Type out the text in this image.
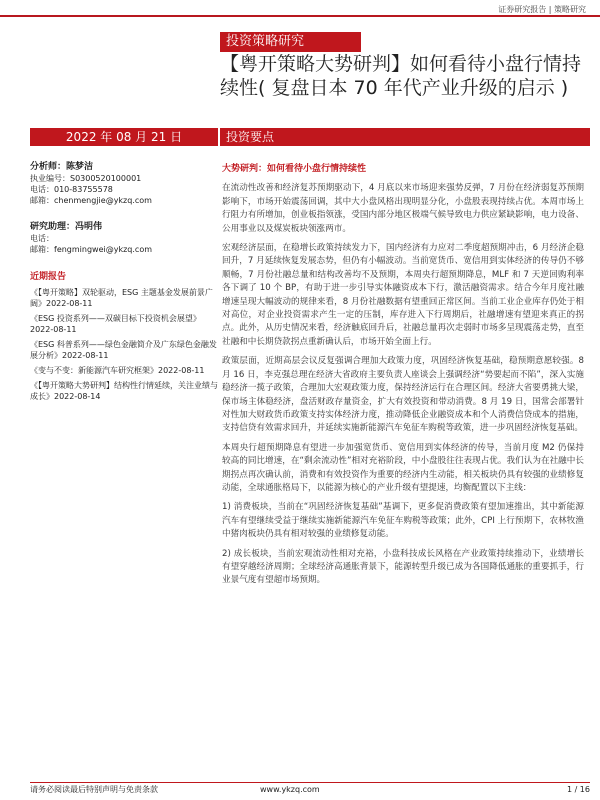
证券研究报告 | 策略研究
投资策略研究
【粤开策略大势研判】如何看待小盘行情持续性( 复盘日本 70 年代产业升级的启示 )
2022 年 08 月 21 日	投资要点
分析师：陈梦洁
执业编号：S0300520100001
电话：010-83755578
邮箱：chenmengjie@ykzq.com
研究助理：冯明伟
电话：
邮箱：fengmingwei@ykzq.com
近期报告
《【粤开策略】双轮驱动，ESG 主题基金发展前景广阔》2022-08-11
《ESG 投资系列——双碳目标下投资机会展望》2022-08-11
《ESG 科普系列——绿色金融简介及广东绿色金融发展分析》2022-08-11
《变与不变：新能源汽车研究框架》2022-08-11
《【粤开策略大势研判】结构性行情延续，关注业绩与成长》2022-08-14
大势研判：如何看待小盘行情持续性

在流动性改善和经济复苏预期驱动下，4 月底以来市场迎来强势反弹，7 月份在经济弱复苏预期影响下，市场开始震荡回调，其中大小盘风格出现明显分化，小盘股表现持续占优。本周市场上行阻力有所增加，创业板指领涨，受国内部分地区极端气候导致电力供应紧缺影响，电力设备、公用事业以及煤炭板块领涨两市。

宏观经济层面，在稳增长政策持续发力下，国内经济有力应对二季度超预期冲击，6 月经济企稳回升，7 月延续恢复发展态势，但仍有小幅波动。当前宽货币、宽信用到实体经济的传导仍不够顺畅，7 月份社融总量和结构改善均不及预期，本周央行超预期降息，MLF 和 7 天逆回购利率各下调了 10 个 BP，有助于进一步引导实体融资成本下行，激活融资需求。结合今年月度社融增速呈现大幅波动的规律来看，8 月份社融数据有望重回正常区间。当前工业企业库存仍处于相对高位，对企业投资需求产生一定的压制，库存进入下行周期后，社融增速有望迎来真正的拐点。此外，从历史情况来看，经济触底回升后，社融总量再次走弱时市场多呈现震荡走势，直至社融和中长期贷款拐点重新确认后，市场开始全面上行。

政策层面，近期高层会议反复强调合理加大政策力度，巩固经济恢复基础，稳预期意愿较强。8 月 16 日，李克强总理在经济大省政府主要负责人座谈会上强调经济“势要起而不陷”，深入实施稳经济一揽子政策，合理加大宏观政策力度，保持经济运行在合理区间。经济大省要勇挑大梁，保市场主体稳经济，盘活财政存量资金，扩大有效投资和带动消费。8 月 19 日，国常会部署针对性加大财政货币政策支持实体经济力度，推动降低企业融资成本和个人消费信贷成本的措施，支持信贷有效需求回升，并延续实施新能源汽车免征车购税等政策，进一步巩固经济恢复基础。

本周央行超预期降息有望进一步加强宽货币、宽信用到实体经济的传导，当前月度 M2 仍保持较高的同比增速，在“剩余流动性”相对充裕阶段，中小盘股往往表现占优。我们认为在社融中长期拐点再次确认前，消费和有效投资作为重要的经济内生动能，相关板块仍具有较强的业绩修复动能，全球通胀格局下，以能源为核心的产业升级有望提速，均衡配置以下主线：

1) 消费板块，当前在“巩固经济恢复基础”基调下，更多促消费政策有望加速推出，其中新能源汽车有望继续受益于继续实施新能源汽车免征车购税等政策；此外，CPI 上行预期下，农林牧渔中猪肉板块仍具有相对较强的业绩修复动能。

2) 成长板块，当前宏观流动性相对充裕，小盘科技成长风格在产业政策持续推动下，业绩增长有望穿越经济周期；全球经济高通胀背景下，能源转型升级已成为各国降低通胀的重要抓手，行业景气度有望超市场预期。

请务必阅读最后特别声明与免责条款	www.ykzq.com	1 / 16
